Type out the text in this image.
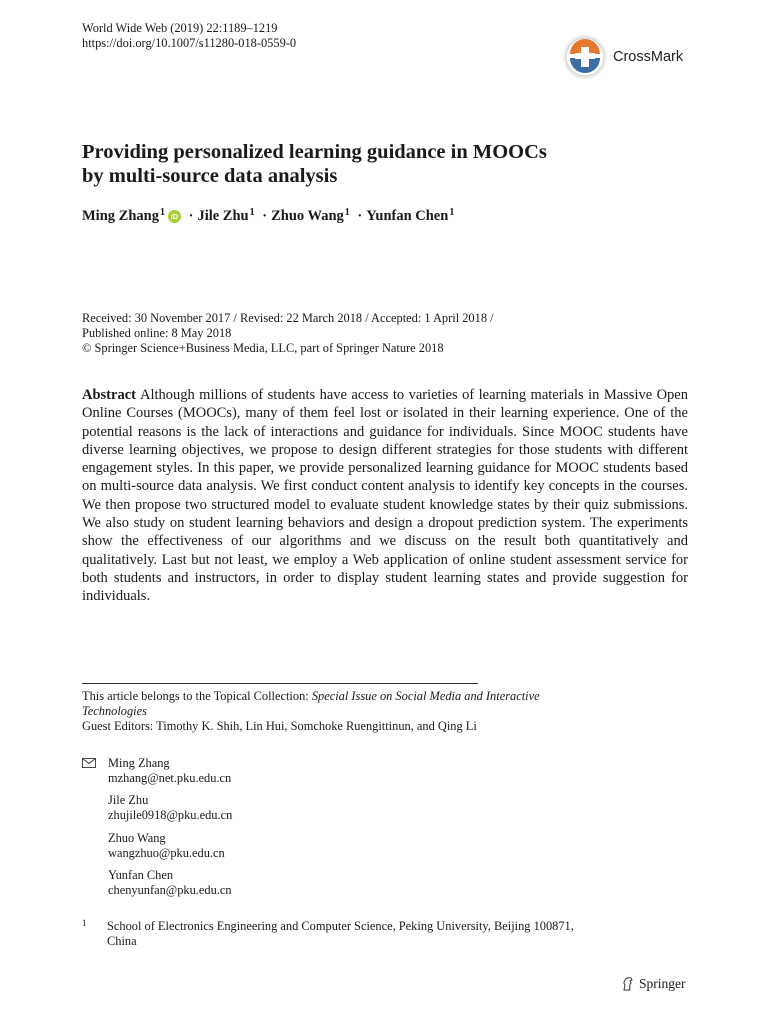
World Wide Web (2019) 22:1189–1219
https://doi.org/10.1007/s11280-018-0559-0
CrossMark
Providing personalized learning guidance in MOOCs
by multi-source data analysis
Ming Zhang$^1$ iD · Jile Zhu$^1$ · Zhuo Wang$^1$ · Yunfan Chen$^1$
Received: 30 November 2017 / Revised: 22 March 2018 / Accepted: 1 April 2018 /
Published online: 8 May 2018
© Springer Science+Business Media, LLC, part of Springer Nature 2018
Abstract Although millions of students have access to varieties of learning materials in Massive Open Online Courses (MOOCs), many of them feel lost or isolated in their learning experience. One of the potential reasons is the lack of interactions and guidance for individuals. Since MOOC students have diverse learning objectives, we propose to design different strategies for those students with different engagement styles. In this paper, we provide personalized learning guidance for MOOC students based on multi-source data analysis. We first conduct content analysis to identify key concepts in the courses. We then propose two structured model to evaluate student knowledge states by their quiz submissions. We also study on student learning behaviors and design a dropout prediction system. The experiments show the effectiveness of our algorithms and we discuss on the result both quantitatively and qualitatively. Last but not least, we employ a Web application of online student assessment service for both students and instructors, in order to display student learning states and provide suggestion for individuals.
This article belongs to the Topical Collection: Special Issue on Social Media and Interactive
Technologies
Guest Editors: Timothy K. Shih, Lin Hui, Somchoke Ruengittinun, and Qing Li
Ming Zhang
mzhang@net.pku.edu.cn
Jile Zhu
zhujile0918@pku.edu.cn
Zhuo Wang
wangzhuo@pku.edu.cn
Yunfan Chen
chenyunfan@pku.edu.cn
1 School of Electronics Engineering and Computer Science, Peking University, Beijing 100871,
China
Springer
